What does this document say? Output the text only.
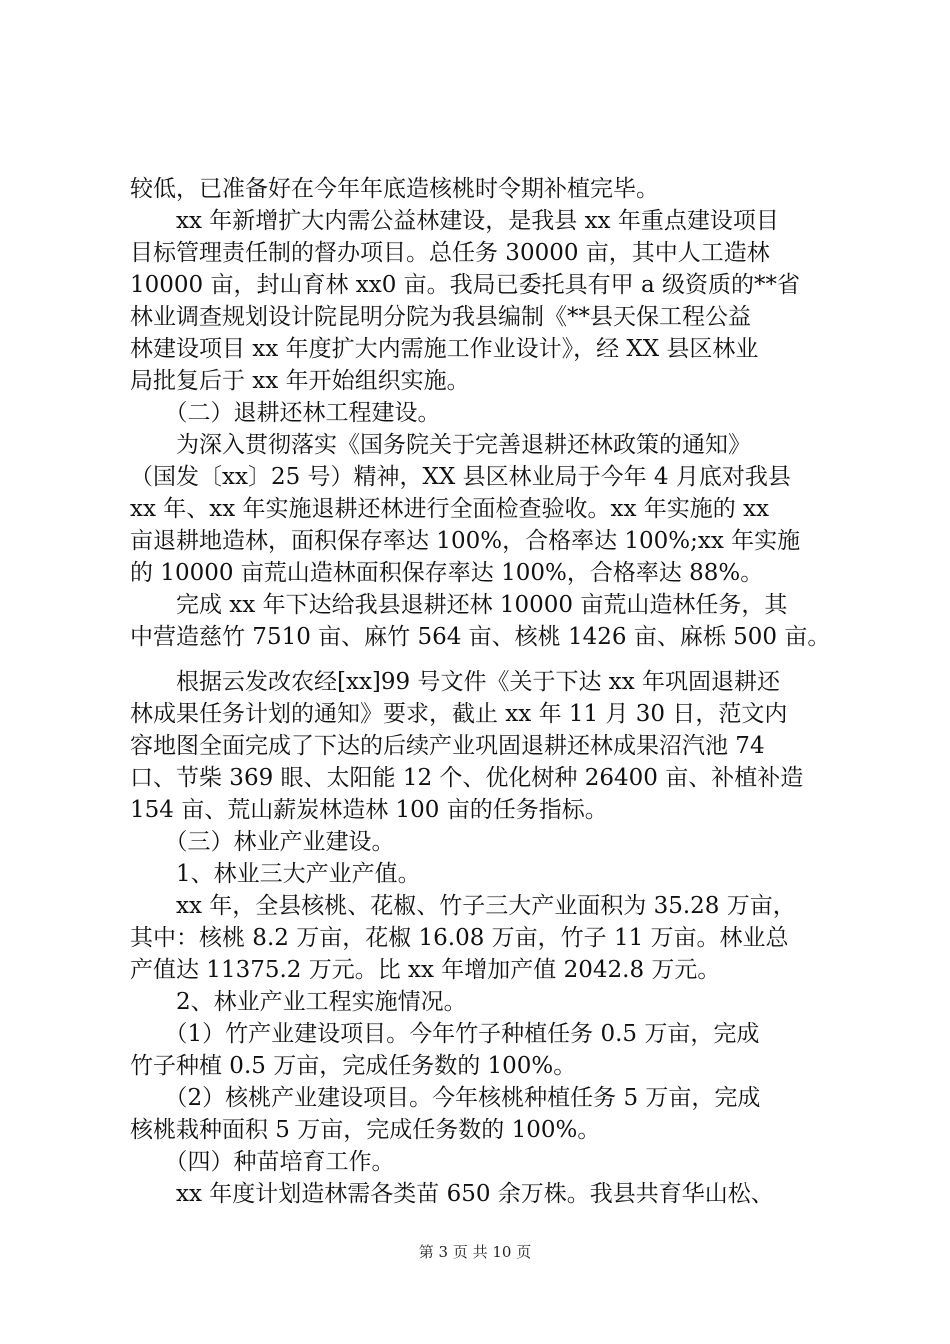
较低，已准备好在今年年底造核桃时令期补植完毕。
　　xx 年新增扩大内需公益林建设，是我县 xx 年重点建设项目
目标管理责任制的督办项目。总任务 30000 亩，其中人工造林
10000 亩，封山育林 xx0 亩。我局已委托具有甲 a 级资质的**省
林业调查规划设计院昆明分院为我县编制《**县天保工程公益
林建设项目 xx 年度扩大内需施工作业设计》，经 XX 县区林业
局批复后于 xx 年开始组织实施。
　　（二）退耕还林工程建设。
　　为深入贯彻落实《国务院关于完善退耕还林政策的通知》
（国发〔xx〕25 号）精神，XX 县区林业局于今年 4 月底对我县
xx 年、xx 年实施退耕还林进行全面检查验收。xx 年实施的 xx
亩退耕地造林，面积保存率达 100%，合格率达 100%;xx 年实施
的 10000 亩荒山造林面积保存率达 100%，合格率达 88%。
　　完成 xx 年下达给我县退耕还林 10000 亩荒山造林任务，其
中营造慈竹 7510 亩、麻竹 564 亩、核桃 1426 亩、麻栎 500 亩。
　　根据云发改农经[xx]99 号文件《关于下达 xx 年巩固退耕还
林成果任务计划的通知》要求，截止 xx 年 11 月 30 日，范文内
容地图全面完成了下达的后续产业巩固退耕还林成果沼汽池 74
口、节柴 369 眼、太阳能 12 个、优化树种 26400 亩、补植补造
154 亩、荒山薪炭林造林 100 亩的任务指标。
　　（三）林业产业建设。
　　1、林业三大产业产值。
　　xx 年，全县核桃、花椒、竹子三大产业面积为 35.28 万亩，
其中：核桃 8.2 万亩，花椒 16.08 万亩，竹子 11 万亩。林业总
产值达 11375.2 万元。比 xx 年增加产值 2042.8 万元。
　　2、林业产业工程实施情况。
　　（1）竹产业建设项目。今年竹子种植任务 0.5 万亩，完成
竹子种植 0.5 万亩，完成任务数的 100%。
　　（2）核桃产业建设项目。今年核桃种植任务 5 万亩，完成
核桃栽种面积 5 万亩，完成任务数的 100%。
　　（四）种苗培育工作。
　　xx 年度计划造林需各类苗 650 余万株。我县共育华山松、
第 3 页 共 10 页
